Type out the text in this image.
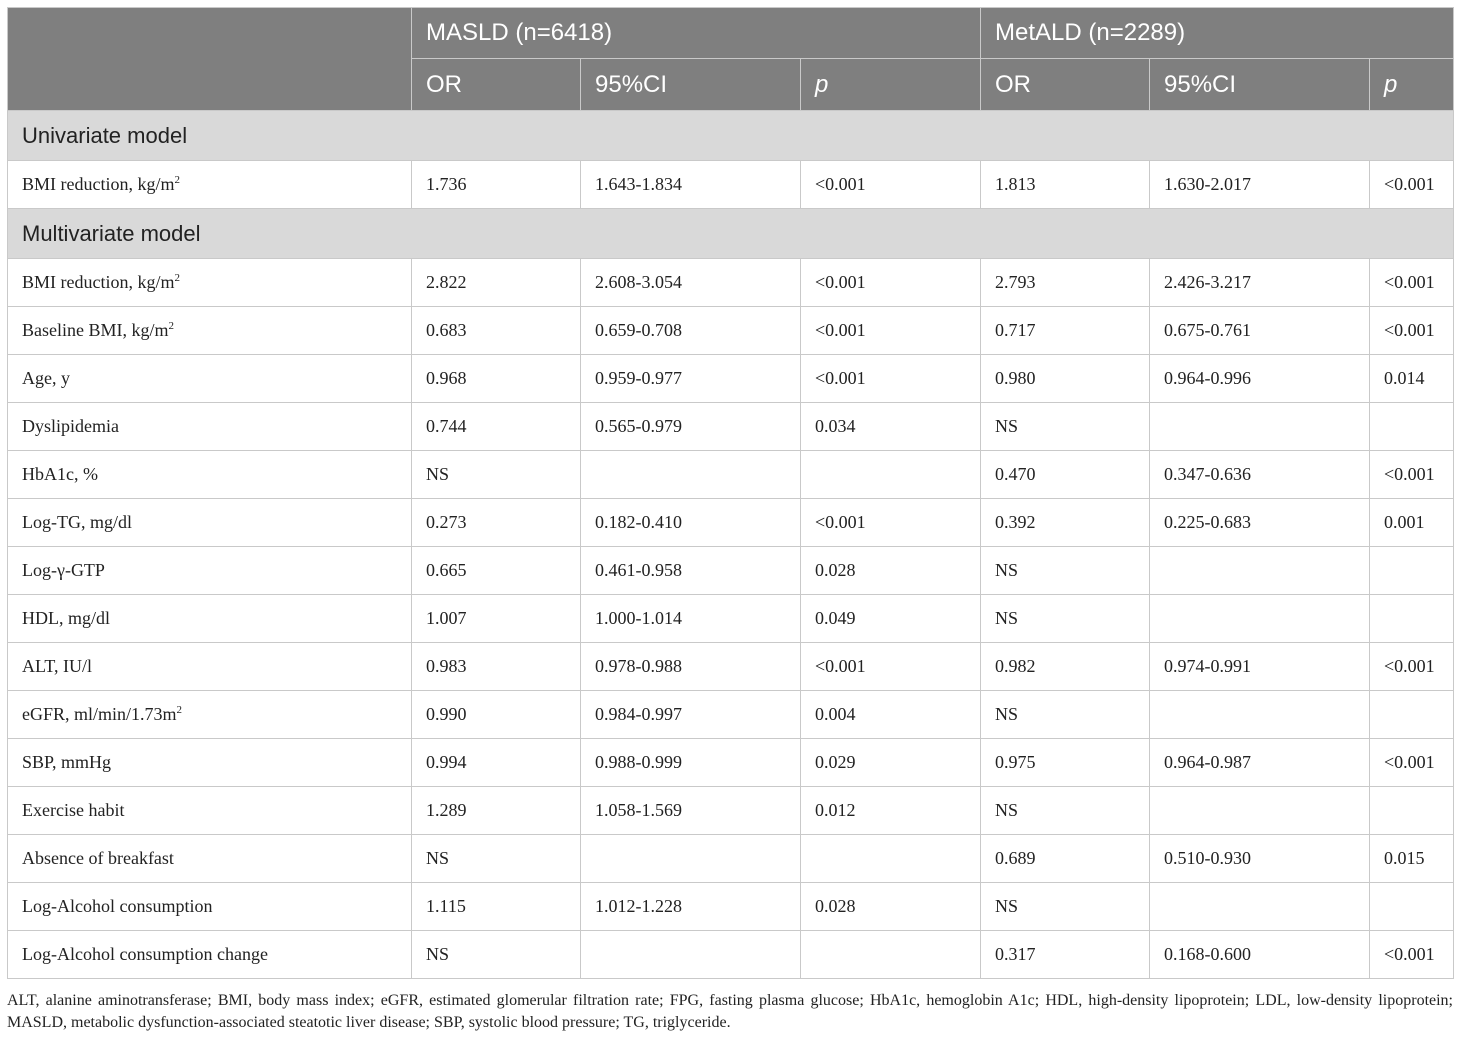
	MASLD (n=6418)			MetALD (n=2289)		
	OR	95%CI	p	OR	95%CI	p
Univariate model						
BMI reduction, $kg/m^2$	1.736	1.643-1.834	<0.001	1.813	1.630-2.017	<0.001
Multivariate model						
BMI reduction, $kg/m^2$	2.822	2.608-3.054	<0.001	2.793	2.426-3.217	<0.001
Baseline BMI, $kg/m^2$	0.683	0.659-0.708	<0.001	0.717	0.675-0.761	<0.001
Age, y	0.968	0.959-0.977	<0.001	0.980	0.964-0.996	0.014
Dyslipidemia	0.744	0.565-0.979	0.034	NS		
HbA1c, %	NS			0.470	0.347-0.636	<0.001
Log-TG, mg/dl	0.273	0.182-0.410	<0.001	0.392	0.225-0.683	0.001
Log-γ-GTP	0.665	0.461-0.958	0.028	NS		
HDL, mg/dl	1.007	1.000-1.014	0.049	NS		
ALT, IU/l	0.983	0.978-0.988	<0.001	0.982	0.974-0.991	<0.001
eGFR, $ml/\min/1.73m^2$	0.990	0.984-0.997	0.004	NS		
SBP, mmHg	0.994	0.988-0.999	0.029	0.975	0.964-0.987	<0.001
Exercise habit	1.289	1.058-1.569	0.012	NS		
Absence of breakfast	NS			0.689	0.510-0.930	0.015
Log-Alcohol consumption	1.115	1.012-1.228	0.028	NS		
Log-Alcohol consumption change	NS			0.317	0.168-0.600	<0.001
ALT, alanine aminotransferase; BMI, body mass index; eGFR, estimated glomerular filtration rate; FPG, fasting plasma glucose; HbA1c, hemoglobin A1c; HDL, high-density lipoprotein; LDL, low-density lipoprotein; MASLD, metabolic dysfunction-associated steatotic liver disease; SBP, systolic blood pressure; TG, triglyceride.
